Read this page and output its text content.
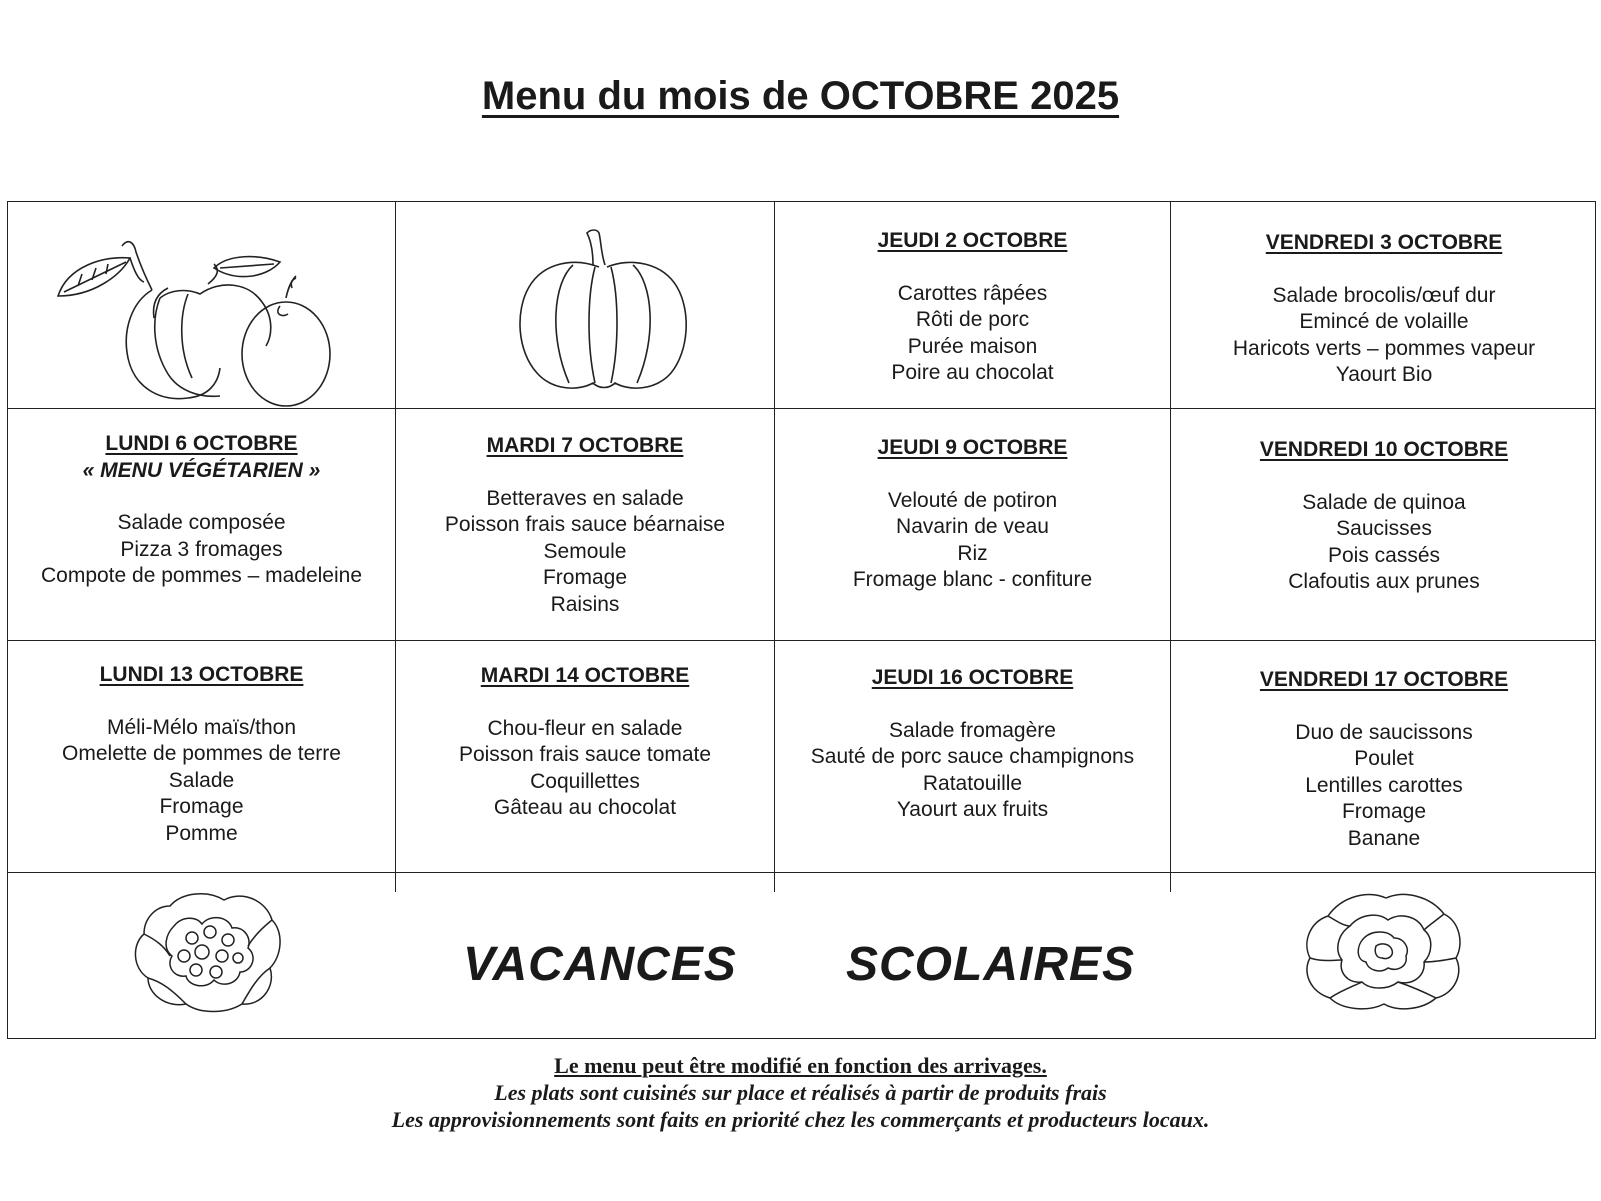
Menu du mois de OCTOBRE 2025
JEUDI 2 OCTOBRE
Carottes râpées
Rôti de porc
Purée maison
Poire au chocolat
VENDREDI 3 OCTOBRE
Salade brocolis/œuf dur
Emincé de volaille
Haricots verts – pommes vapeur
Yaourt Bio
LUNDI 6 OCTOBRE
« MENU VÉGÉTARIEN »
Salade composée
Pizza 3 fromages
Compote de pommes – madeleine
MARDI 7 OCTOBRE
Betteraves en salade
Poisson frais sauce béarnaise
Semoule
Fromage
Raisins
JEUDI 9 OCTOBRE
Velouté de potiron
Navarin de veau
Riz
Fromage blanc - confiture
VENDREDI 10 OCTOBRE
Salade de quinoa
Saucisses
Pois cassés
Clafoutis aux prunes
LUNDI 13 OCTOBRE
Méli-Mélo maïs/thon
Omelette de pommes de terre
Salade
Fromage
Pomme
MARDI 14 OCTOBRE
Chou-fleur en salade
Poisson frais sauce tomate
Coquillettes
Gâteau au chocolat
JEUDI 16 OCTOBRE
Salade fromagère
Sauté de porc sauce champignons
Ratatouille
Yaourt aux fruits
VENDREDI 17 OCTOBRE
Duo de saucissons
Poulet
Lentilles carottes
Fromage
Banane
VACANCES SCOLAIRES
Le menu peut être modifié en fonction des arrivages.
Les plats sont cuisinés sur place et réalisés à partir de produits frais
Les approvisionnements sont faits en priorité chez les commerçants et producteurs locaux.
